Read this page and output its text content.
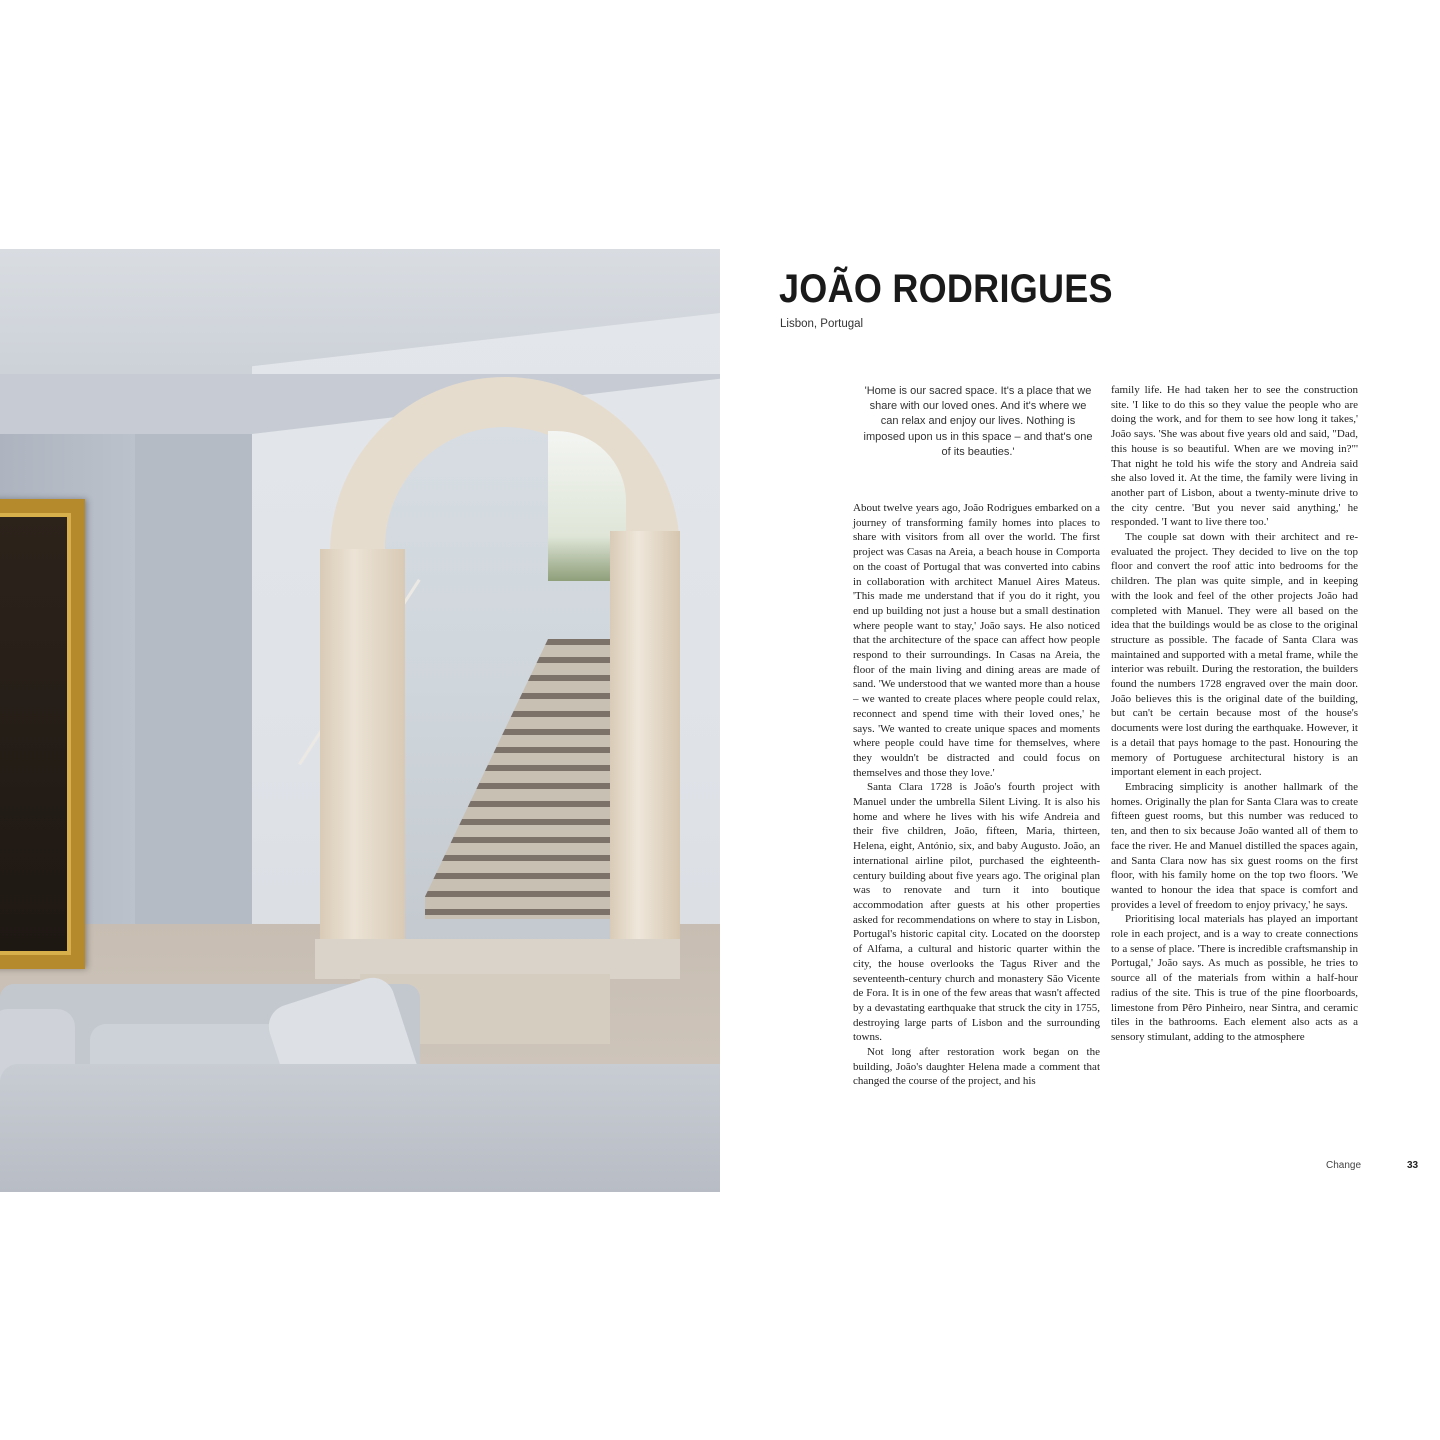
JOÃO RODRIGUES
Lisbon, Portugal

'Home is our sacred space. It's a place that we share with our loved ones. And it's where we can relax and enjoy our lives. Nothing is imposed upon us in this space – and that's one of its beauties.'

About twelve years ago, João Rodrigues embarked on a journey of transforming family homes into places to share with visitors from all over the world. The first project was Casas na Areia, a beach house in Comporta on the coast of Portugal that was converted into cabins in collaboration with architect Manuel Aires Mateus. 'This made me understand that if you do it right, you end up building not just a house but a small destination where people want to stay,' João says. He also noticed that the architecture of the space can affect how people respond to their surroundings. In Casas na Areia, the floor of the main living and dining areas are made of sand. 'We understood that we wanted more than a house – we wanted to create places where people could relax, reconnect and spend time with their loved ones,' he says. 'We wanted to create unique spaces and moments where people could have time for themselves, where they wouldn't be distracted and could focus on themselves and those they love.'

Santa Clara 1728 is João's fourth project with Manuel under the umbrella Silent Living. It is also his home and where he lives with his wife Andreia and their five children, João, fifteen, Maria, thirteen, Helena, eight, António, six, and baby Augusto. João, an international airline pilot, purchased the eighteenth-century building about five years ago. The original plan was to renovate and turn it into boutique accommodation after guests at his other properties asked for recommendations on where to stay in Lisbon, Portugal's historic capital city. Located on the doorstep of Alfama, a cultural and historic quarter within the city, the house overlooks the Tagus River and the seventeenth-century church and monastery São Vicente de Fora. It is in one of the few areas that wasn't affected by a devastating earthquake that struck the city in 1755, destroying large parts of Lisbon and the surrounding towns.

Not long after restoration work began on the building, João's daughter Helena made a comment that changed the course of the project, and his

family life. He had taken her to see the construction site. 'I like to do this so they value the people who are doing the work, and for them to see how long it takes,' João says. 'She was about five years old and said, "Dad, this house is so beautiful. When are we moving in?"' That night he told his wife the story and Andreia said she also loved it. At the time, the family were living in another part of Lisbon, about a twenty-minute drive to the city centre. 'But you never said anything,' he responded. 'I want to live there too.'

The couple sat down with their architect and re-evaluated the project. They decided to live on the top floor and convert the roof attic into bedrooms for the children. The plan was quite simple, and in keeping with the look and feel of the other projects João had completed with Manuel. They were all based on the idea that the buildings would be as close to the original structure as possible. The facade of Santa Clara was maintained and supported with a metal frame, while the interior was rebuilt. During the restoration, the builders found the numbers 1728 engraved over the main door. João believes this is the original date of the building, but can't be certain because most of the house's documents were lost during the earthquake. However, it is a detail that pays homage to the past. Honouring the memory of Portuguese architectural history is an important element in each project.

Embracing simplicity is another hallmark of the homes. Originally the plan for Santa Clara was to create fifteen guest rooms, but this number was reduced to ten, and then to six because João wanted all of them to face the river. He and Manuel distilled the spaces again, and Santa Clara now has six guest rooms on the first floor, with his family home on the top two floors. 'We wanted to honour the idea that space is comfort and provides a level of freedom to enjoy privacy,' he says.

Prioritising local materials has played an important role in each project, and is a way to create connections to a sense of place. 'There is incredible craftsmanship in Portugal,' João says. As much as possible, he tries to source all of the materials from within a half-hour radius of the site. This is true of the pine floorboards, limestone from Pêro Pinheiro, near Sintra, and ceramic tiles in the bathrooms. Each element also acts as a sensory stimulant, adding to the atmosphere

Change	33
